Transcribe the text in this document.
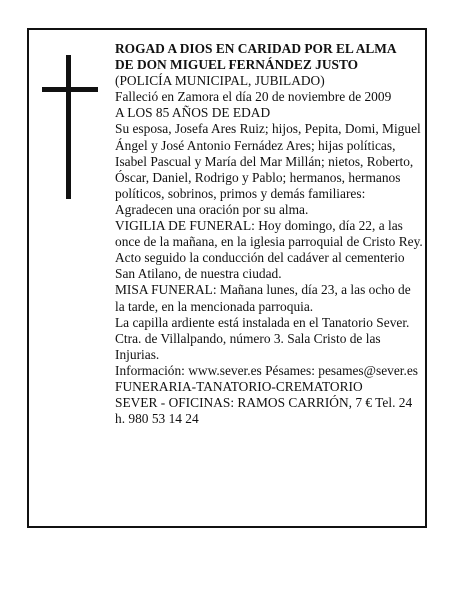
ROGAD A DIOS EN CARIDAD POR EL ALMA

DE DON MIGUEL FERNÁNDEZ JUSTO

(POLICÍA MUNICIPAL, JUBILADO)

Falleció en Zamora el día 20 de noviembre de 2009

A LOS 85 AÑOS DE EDAD

Su esposa, Josefa Ares Ruiz; hijos, Pepita, Domi, Miguel Ángel y José Antonio Fernádez Ares; hijas políticas, Isabel Pascual y María del Mar Millán; nietos, Roberto, Óscar, Daniel, Rodrigo y Pablo; hermanos, hermanos políticos, sobrinos, primos y demás familiares:

Agradecen una oración por su alma.

VIGILIA DE FUNERAL: Hoy domingo, día 22, a las once de la mañana, en la iglesia parroquial de Cristo Rey. Acto seguido la conducción del cadáver al cementerio San Atilano, de nuestra ciudad.

MISA FUNERAL: Mañana lunes, día 23, a las ocho de la tarde, en la mencionada parroquia.

La capilla ardiente está instalada en el Tanatorio Sever. Ctra. de Villalpando, número 3. Sala Cristo de las Injurias.

Información: www.sever.es Pésames: pesames@sever.es

FUNERARIA-TANATORIO-CREMATORIO

SEVER - OFICINAS: RAMOS CARRIÓN, 7 € Tel. 24 h. 980 53 14 24
